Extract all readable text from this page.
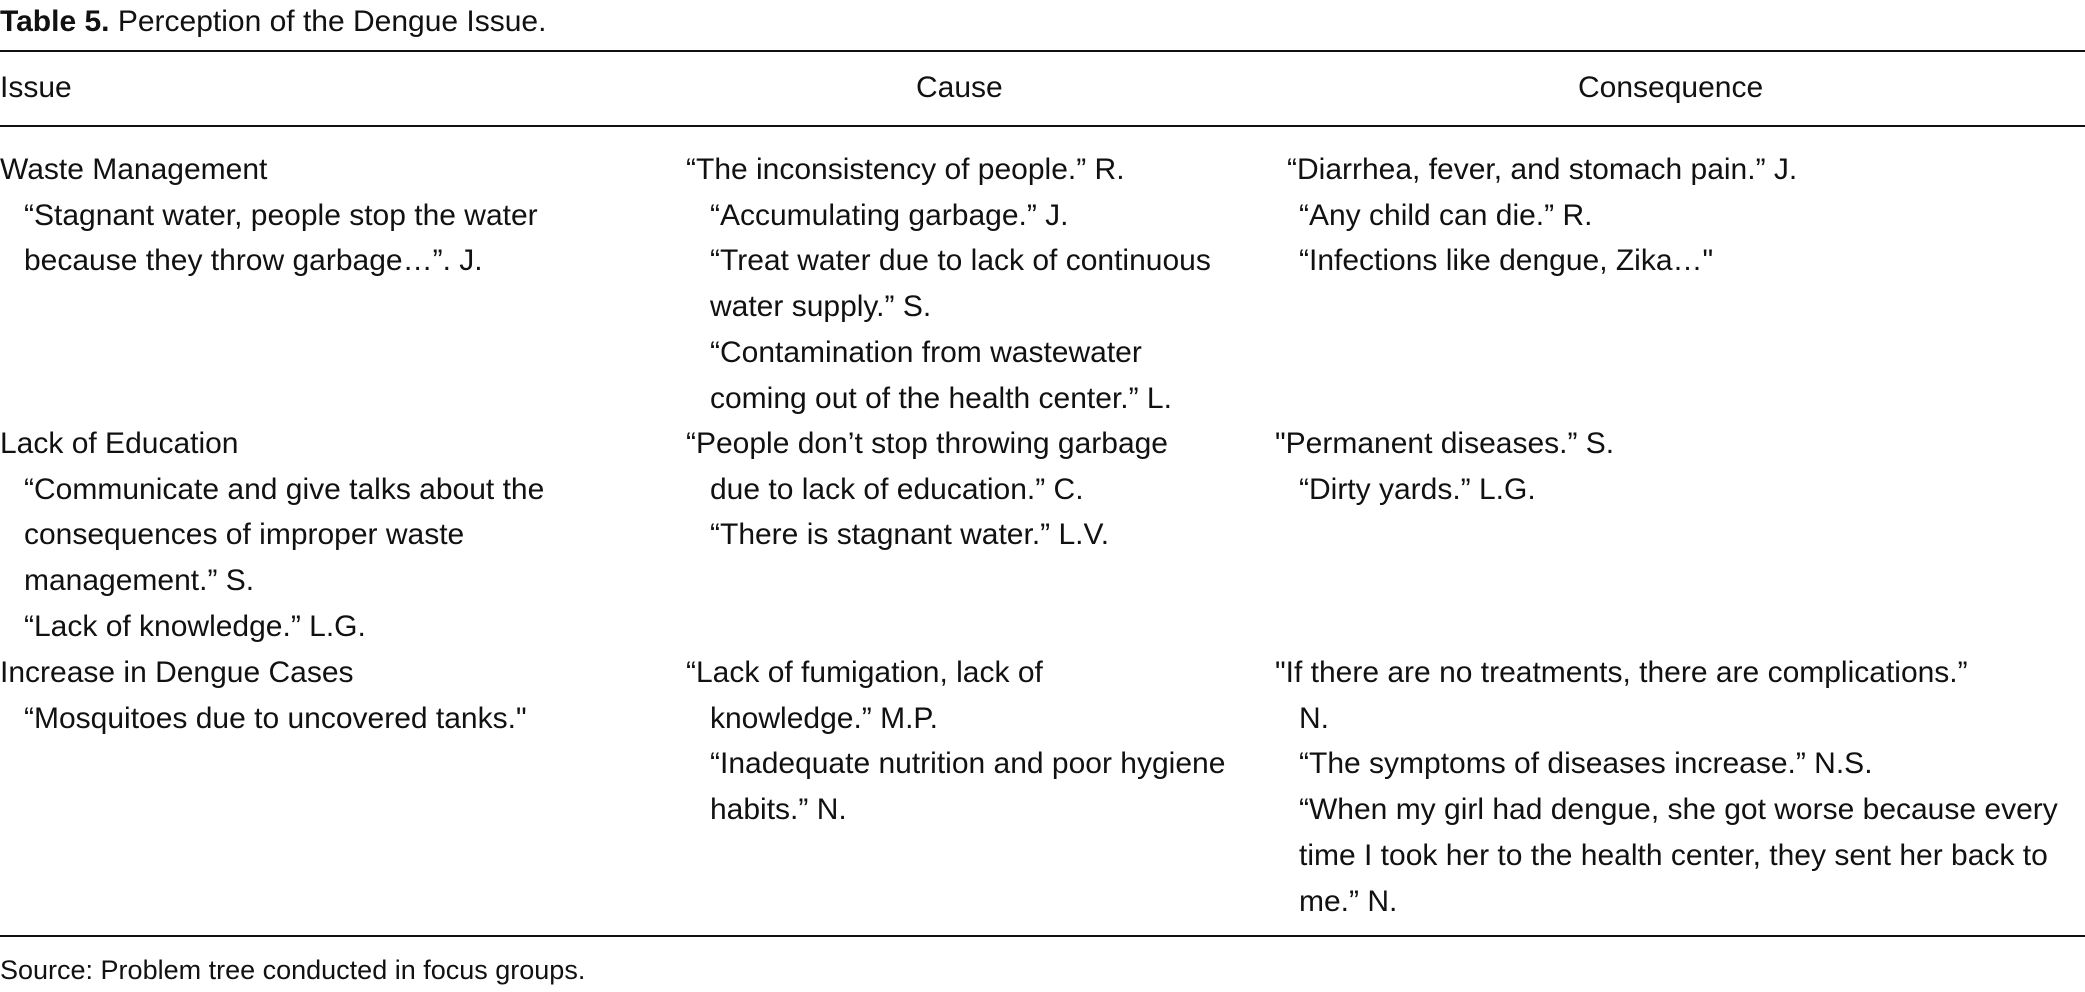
Table 5. Perception of the Dengue Issue.
Issue	Cause	Consequence
Waste Management
“Stagnant water, people stop the water because they throw garbage…”. J.
“The inconsistency of people.” R.
“Accumulating garbage.” J.
“Treat water due to lack of continuous water supply.” S.
“Contamination from wastewater coming out of the health center.” L.
“Diarrhea, fever, and stomach pain.” J.
“Any child can die.” R.
“Infections like dengue, Zika…"
Lack of Education
“Communicate and give talks about the consequences of improper waste management.” S.
“Lack of knowledge.” L.G.
“People don’t stop throwing garbage
due to lack of education.” C.
“There is stagnant water.” L.V.
"Permanent diseases.” S.
“Dirty yards.” L.G.
Increase in Dengue Cases
“Mosquitoes due to uncovered tanks."
“Lack of fumigation, lack of
knowledge.” M.P.
“Inadequate nutrition and poor hygiene habits.” N.
"If there are no treatments, there are complications.”
N.
“The symptoms of diseases increase.” N.S.
“When my girl had dengue, she got worse because every time I took her to the health center, they sent her back to me.” N.
Source: Problem tree conducted in focus groups.
